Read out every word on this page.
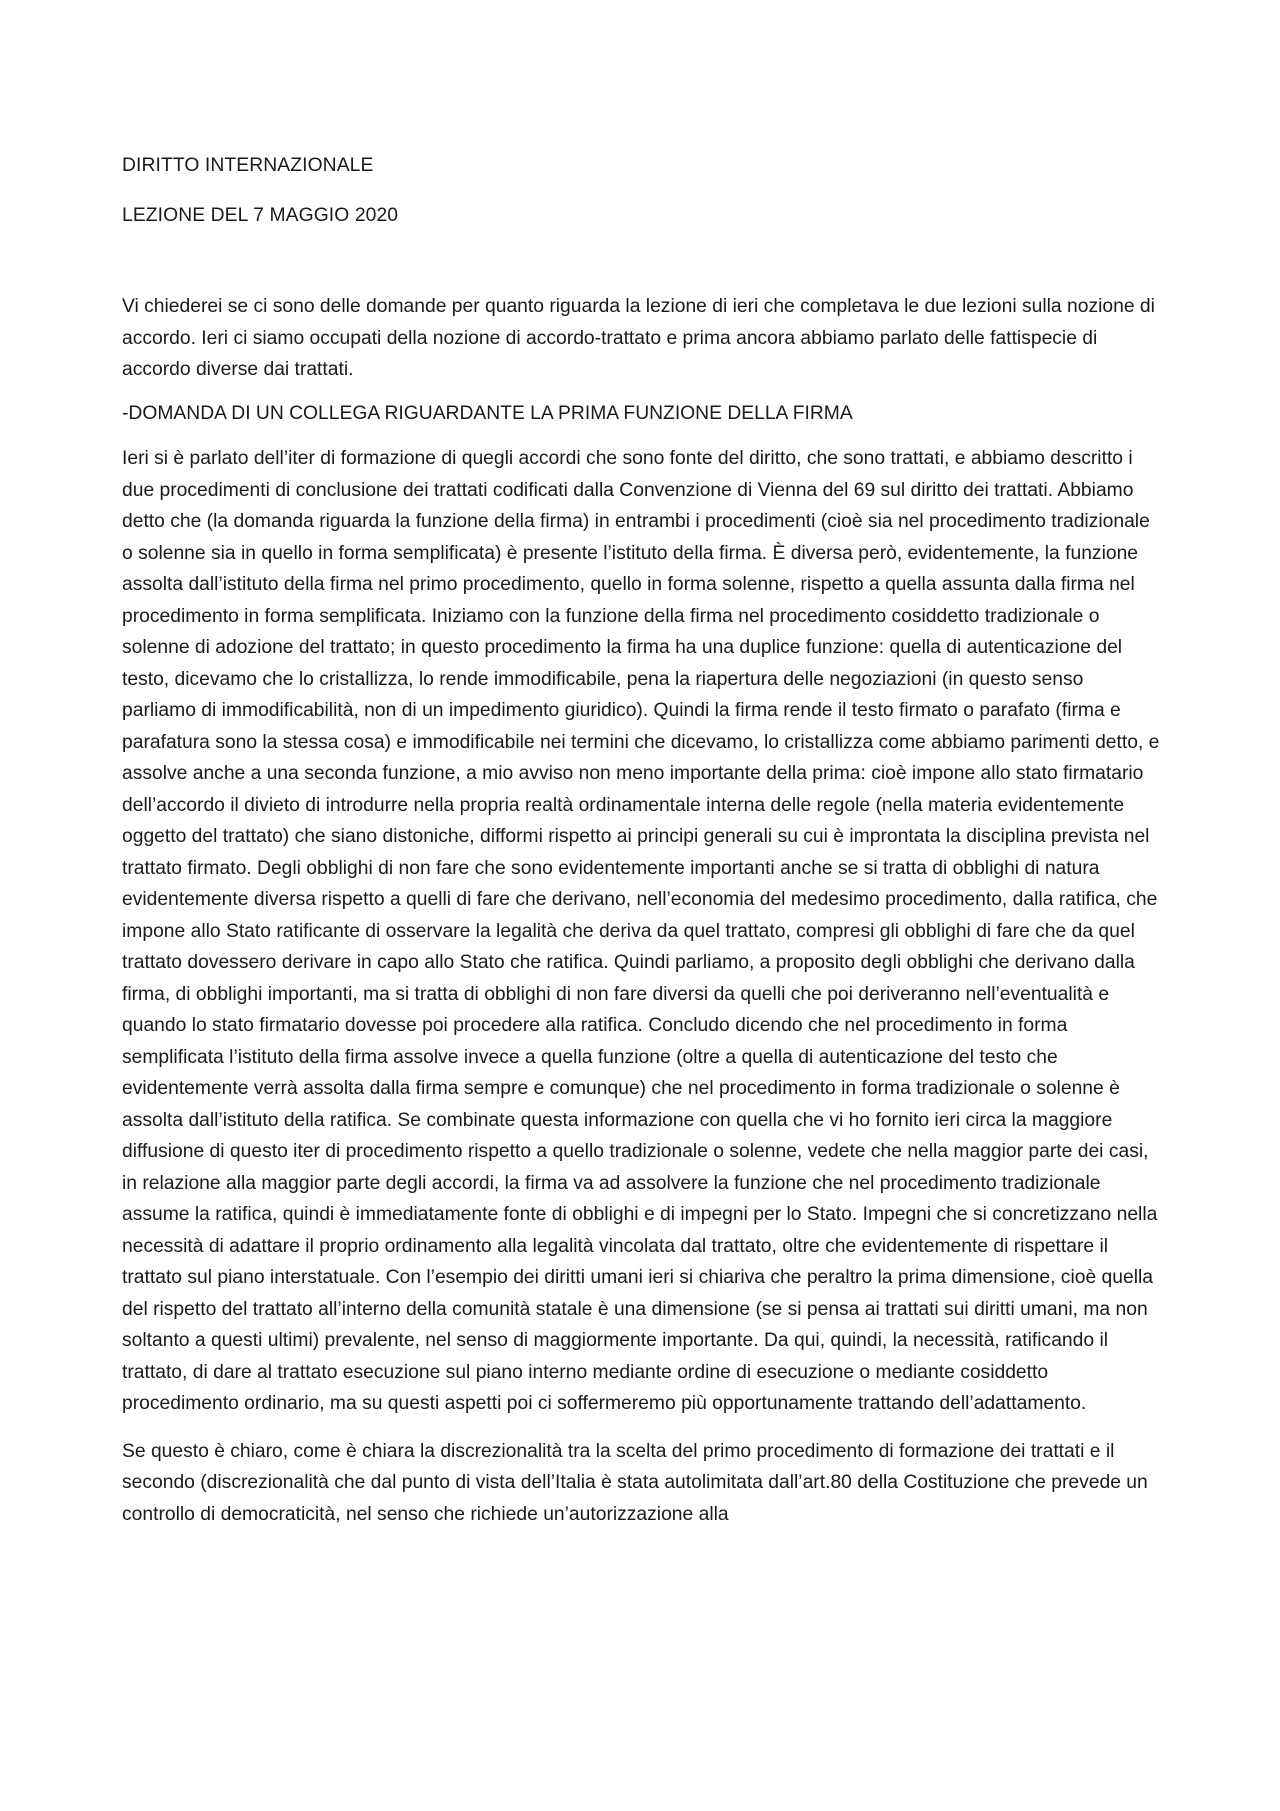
DIRITTO INTERNAZIONALE

LEZIONE DEL 7 MAGGIO 2020

Vi chiederei se ci sono delle domande per quanto riguarda la lezione di ieri che completava le due lezioni sulla nozione di accordo. Ieri ci siamo occupati della nozione di accordo-trattato e prima ancora abbiamo parlato delle fattispecie di accordo diverse dai trattati.

-DOMANDA DI UN COLLEGA RIGUARDANTE LA PRIMA FUNZIONE DELLA FIRMA

Ieri si è parlato dell’iter di formazione di quegli accordi che sono fonte del diritto, che sono trattati, e abbiamo descritto i due procedimenti di conclusione dei trattati codificati dalla Convenzione di Vienna del 69 sul diritto dei trattati. Abbiamo detto che (la domanda riguarda la funzione della firma) in entrambi i procedimenti (cioè sia nel procedimento tradizionale o solenne sia in quello in forma semplificata) è presente l’istituto della firma. È diversa però, evidentemente, la funzione assolta dall’istituto della firma nel primo procedimento, quello in forma solenne, rispetto a quella assunta dalla firma nel procedimento in forma semplificata. Iniziamo con la funzione della firma nel procedimento cosiddetto tradizionale o solenne di adozione del trattato; in questo procedimento la firma ha una duplice funzione: quella di autenticazione del testo, dicevamo che lo cristallizza, lo rende immodificabile, pena la riapertura delle negoziazioni (in questo senso parliamo di immodificabilità, non di un impedimento giuridico). Quindi la firma rende il testo firmato o parafato (firma e parafatura sono la stessa cosa) e immodificabile nei termini che dicevamo, lo cristallizza come abbiamo parimenti detto, e assolve anche a una seconda funzione, a mio avviso non meno importante della prima: cioè impone allo stato firmatario dell’accordo il divieto di introdurre nella propria realtà ordinamentale interna delle regole (nella materia evidentemente oggetto del trattato) che siano distoniche, difformi rispetto ai principi generali su cui è improntata la disciplina prevista nel trattato firmato. Degli obblighi di non fare che sono evidentemente importanti anche se si tratta di obblighi di natura evidentemente diversa rispetto a quelli di fare che derivano, nell’economia del medesimo procedimento, dalla ratifica, che impone allo Stato ratificante di osservare la legalità che deriva da quel trattato, compresi gli obblighi di fare che da quel trattato dovessero derivare in capo allo Stato che ratifica. Quindi parliamo, a proposito degli obblighi che derivano dalla firma, di obblighi importanti, ma si tratta di obblighi di non fare diversi da quelli che poi deriveranno nell’eventualità e quando lo stato firmatario dovesse poi procedere alla ratifica. Concludo dicendo che nel procedimento in forma semplificata l’istituto della firma assolve invece a quella funzione (oltre a quella di autenticazione del testo che evidentemente verrà assolta dalla firma sempre e comunque) che nel procedimento in forma tradizionale o solenne è assolta dall’istituto della ratifica. Se combinate questa informazione con quella che vi ho fornito ieri circa la maggiore diffusione di questo iter di procedimento rispetto a quello tradizionale o solenne, vedete che nella maggior parte dei casi, in relazione alla maggior parte degli accordi, la firma va ad assolvere la funzione che nel procedimento tradizionale assume la ratifica, quindi è immediatamente fonte di obblighi e di impegni per lo Stato. Impegni che si concretizzano nella necessità di adattare il proprio ordinamento alla legalità vincolata dal trattato, oltre che evidentemente di rispettare il trattato sul piano interstatuale. Con l’esempio dei diritti umani ieri si chiariva che peraltro la prima dimensione, cioè quella del rispetto del trattato all’interno della comunità statale è una dimensione (se si pensa ai trattati sui diritti umani, ma non soltanto a questi ultimi) prevalente, nel senso di maggiormente importante. Da qui, quindi, la necessità, ratificando il trattato, di dare al trattato esecuzione sul piano interno mediante ordine di esecuzione o mediante cosiddetto procedimento ordinario, ma su questi aspetti poi ci soffermeremo più opportunamente trattando dell’adattamento.

Se questo è chiaro, come è chiara la discrezionalità tra la scelta del primo procedimento di formazione dei trattati e il secondo (discrezionalità che dal punto di vista dell’Italia è stata autolimitata dall’art.80 della Costituzione che prevede un controllo di democraticità, nel senso che richiede un’autorizzazione alla
